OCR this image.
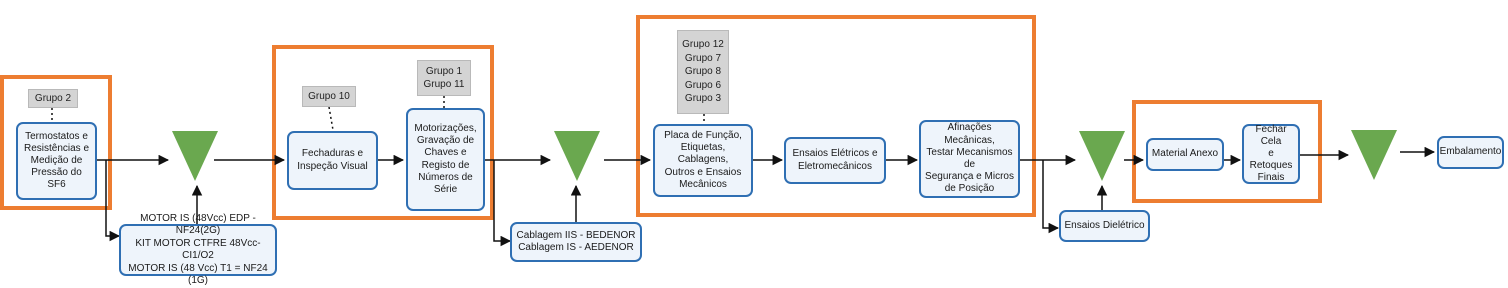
Grupo 2	Grupo 10
Grupo 1
Grupo 11
Grupo 12
Grupo 7
Grupo 8
Grupo 6
Grupo 3
Termostatos e
Resistências e
Medição de
Pressão do SF6
MOTOR IS (48Vcc) EDP - NF24(2G)
KIT MOTOR CTFRE 48Vcc-CI1/O2
MOTOR IS (48 Vcc) T1 = NF24 (1G)
Fechaduras e
Inspeção Visual
Motorizações,
Gravação de
Chaves e
Registo de
Números de
Série
Cablagem IIS - BEDENOR
Cablagem IS - AEDENOR
Placa de Função,
Etiquetas, Cablagens,
Outros e Ensaios
Mecânicos
Ensaios Elétricos e
Eletromecânicos
Afinações Mecânicas,
Testar Mecanismos de
Segurança e Micros
de Posição
Ensaios Dielétrico
Material Anexo
Fechar Cela
e Retoques
Finais
Embalamento
